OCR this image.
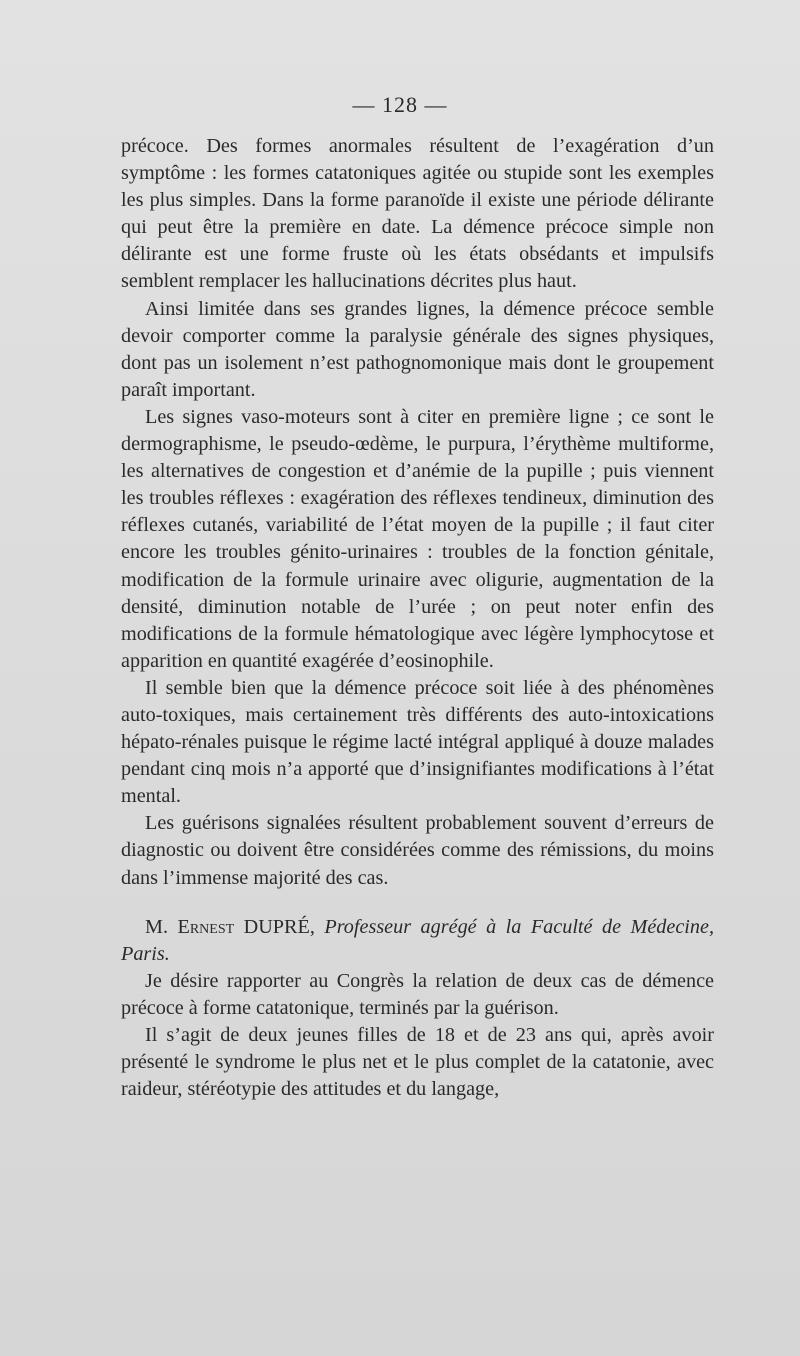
— 128 —

précoce. Des formes anormales résultent de l’exagération d’un symptôme : les formes catatoniques agitée ou stupide sont les exemples les plus simples. Dans la forme paranoïde il existe une période délirante qui peut être la première en date. La démence précoce simple non délirante est une forme fruste où les états obsédants et impulsifs semblent remplacer les hallucinations décrites plus haut.

Ainsi limitée dans ses grandes lignes, la démence précoce semble devoir comporter comme la paralysie générale des signes physiques, dont pas un isolement n’est pathognomonique mais dont le groupement paraît important.

Les signes vaso-moteurs sont à citer en première ligne ; ce sont le dermographisme, le pseudo-œdème, le purpura, l’érythème multiforme, les alternatives de congestion et d’anémie de la pupille ; puis viennent les troubles réflexes : exagération des réflexes tendineux, diminution des réflexes cutanés, variabilité de l’état moyen de la pupille ; il faut citer encore les troubles génito-urinaires : troubles de la fonction génitale, modification de la formule urinaire avec oligurie, augmentation de la densité, diminution notable de l’urée ; on peut noter enfin des modifications de la formule hématologique avec légère lymphocytose et apparition en quantité exagérée d’eosinophile.

Il semble bien que la démence précoce soit liée à des phénomènes auto-toxiques, mais certainement très différents des auto-intoxications hépato-rénales puisque le régime lacté intégral appliqué à douze malades pendant cinq mois n’a apporté que d’insignifiantes modifications à l’état mental.

Les guérisons signalées résultent probablement souvent d’erreurs de diagnostic ou doivent être considérées comme des rémissions, du moins dans l’immense majorité des cas.

M. Ernest DUPRÉ, Professeur agrégé à la Faculté de Médecine, Paris.

Je désire rapporter au Congrès la relation de deux cas de démence précoce à forme catatonique, terminés par la guérison.

Il s’agit de deux jeunes filles de 18 et de 23 ans qui, après avoir présenté le syndrome le plus net et le plus complet de la catatonie, avec raideur, stéréotypie des attitudes et du langage,
